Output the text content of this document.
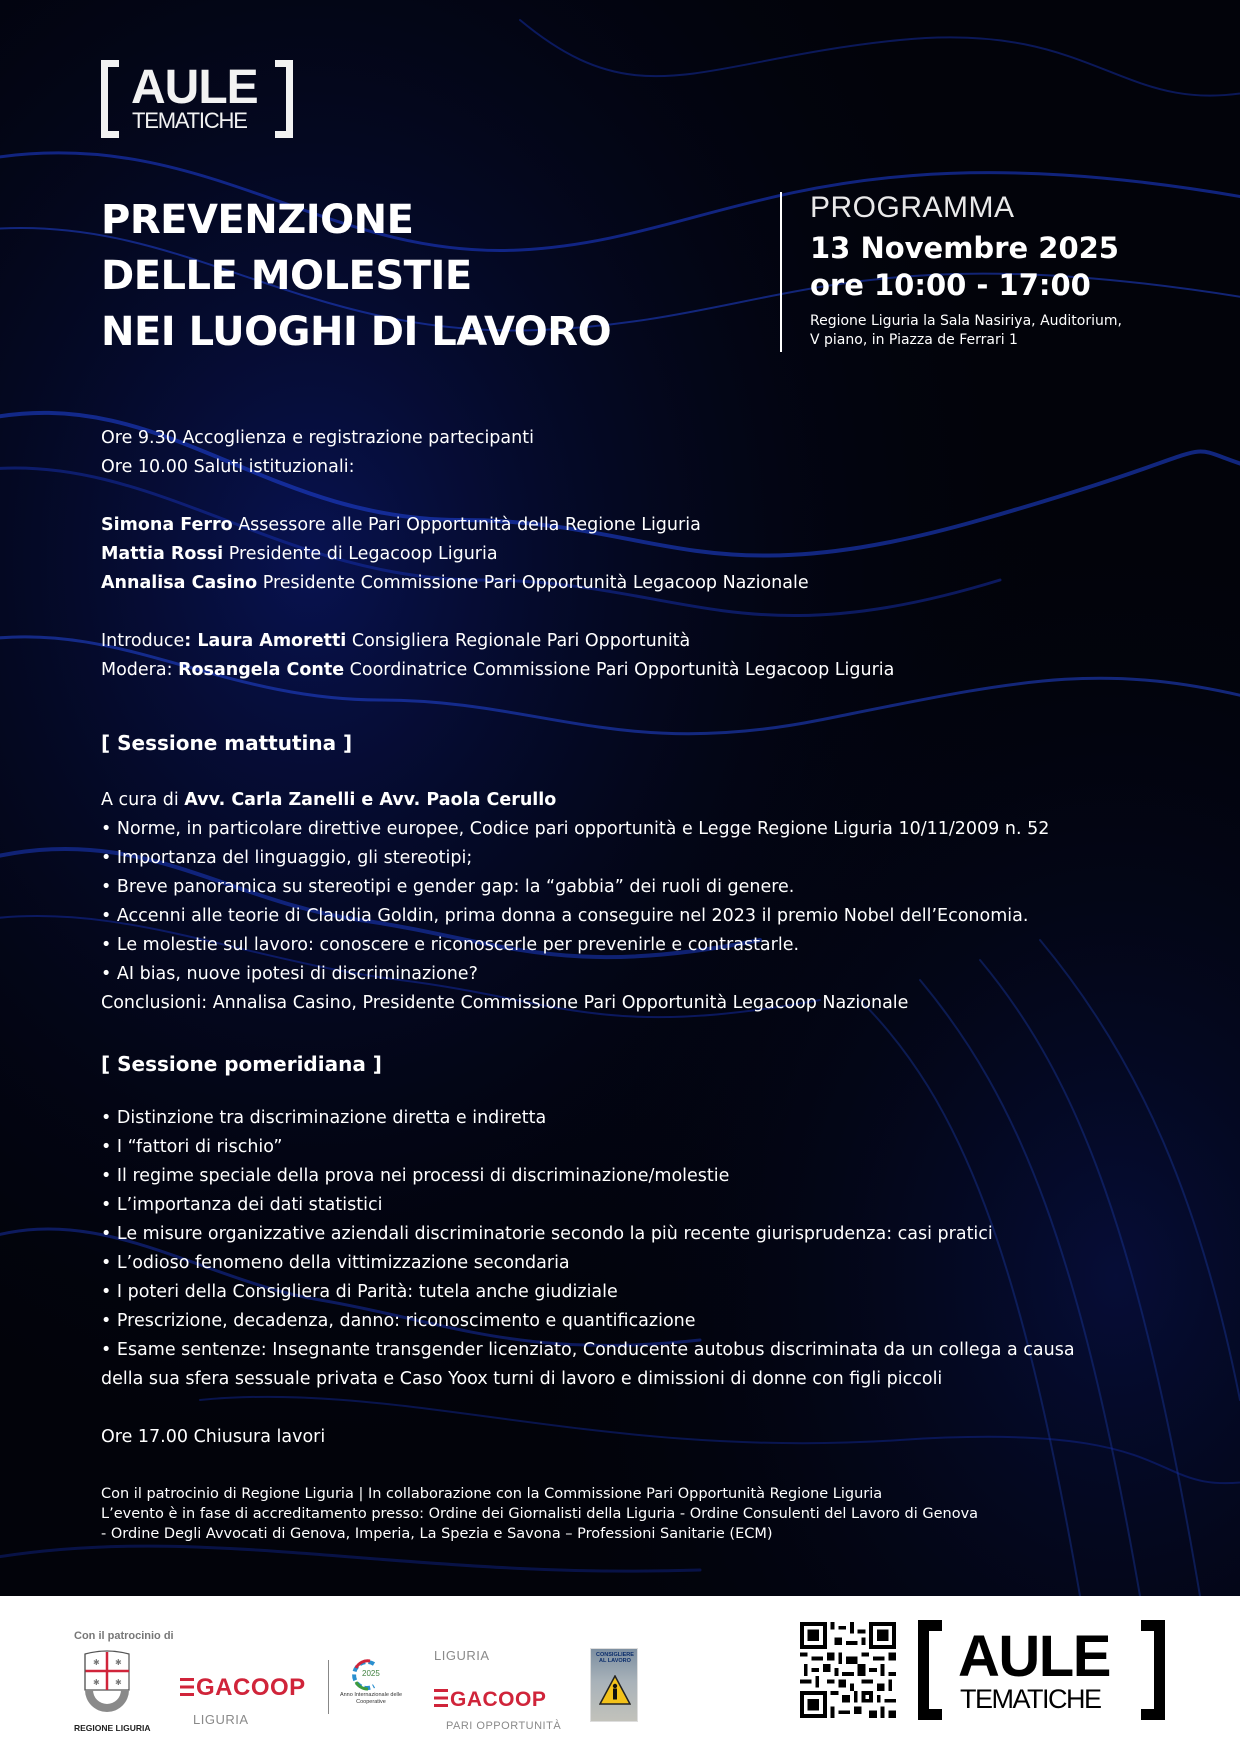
AULE
TEMATICHE
PREVENZIONE
DELLE MOLESTIE
NEI LUOGHI DI LAVORO
PROGRAMMA
13 Novembre 2025
ore 10:00 - 17:00
Regione Liguria la Sala Nasiriya, Auditorium,
V piano, in Piazza de Ferrari 1

Ore 9.30 Accoglienza e registrazione partecipanti

Ore 10.00 Saluti istituzionali:

Simona Ferro Assessore alle Pari Opportunità della Regione Liguria

Mattia Rossi Presidente di Legacoop Liguria

Annalisa Casino Presidente Commissione Pari Opportunità Legacoop Nazionale

Introduce: Laura Amoretti Consigliera Regionale Pari Opportunità

Modera: Rosangela Conte Coordinatrice Commissione Pari Opportunità Legacoop Liguria

[ Sessione mattutina ]

A cura di Avv. Carla Zanelli e Avv. Paola Cerullo

• Norme, in particolare direttive europee, Codice pari opportunità e Legge Regione Liguria 10/11/2009 n. 52

• Importanza del linguaggio, gli stereotipi;

• Breve panoramica su stereotipi e gender gap: la “gabbia” dei ruoli di genere.

• Accenni alle teorie di Claudia Goldin, prima donna a conseguire nel 2023 il premio Nobel dell’Economia.

• Le molestie sul lavoro: conoscere e riconoscerle per prevenirle e contrastarle.

• AI bias, nuove ipotesi di discriminazione?

Conclusioni: Annalisa Casino, Presidente Commissione Pari Opportunità Legacoop Nazionale

[ Sessione pomeridiana ]

• Distinzione tra discriminazione diretta e indiretta

• I “fattori di rischio”

• Il regime speciale della prova nei processi di discriminazione/molestie

• L’importanza dei dati statistici

• Le misure organizzative aziendali discriminatorie secondo la più recente giurisprudenza: casi pratici

• L’odioso fenomeno della vittimizzazione secondaria

• I poteri della Consigliera di Parità: tutela anche giudiziale

• Prescrizione, decadenza, danno: riconoscimento e quantificazione

• Esame sentenze: Insegnante transgender licenziato, Conducente autobus discriminata da un collega a causa

della sua sfera sessuale privata e Caso Yoox turni di lavoro e dimissioni di donne con figli piccoli

Ore 17.00 Chiusura lavori

Con il patrocinio di Regione Liguria | In collaborazione con la Commissione Pari Opportunità Regione Liguria

L’evento è in fase di accreditamento presso: Ordine dei Giornalisti della Liguria - Ordine Consulenti del Lavoro di Genova

- Ordine Degli Avvocati di Genova, Imperia, La Spezia e Savona – Professioni Sanitarie (ECM)

Con il patrocinio di
✱ ✱
✱ ✱
REGIONE LIGURIA
GACOOP
LIGURIA
2025
Anno Internazionale delle Cooperative
LIGURIA
GACOOP
PARI OPPORTUNITÀ
CONSIGLIERE AL LAVORO	AULE
TEMATICHE
